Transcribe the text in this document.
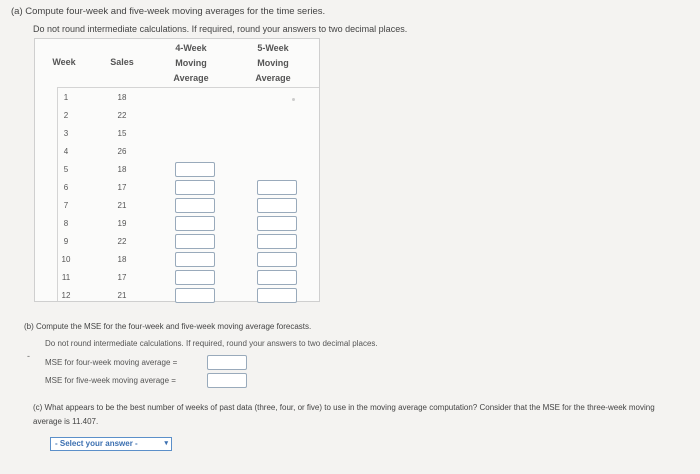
(a) Compute four-week and five-week moving averages for the time series.
Do not round intermediate calculations. If required, round your answers to two decimal places.
Week	Sales
4-Week
Moving
Average
5-Week
Moving
Average
1	18
2	22
3	15
4	26
5	18
6	17
7	21
8	19
9	22
10	18
11	17
12	21
-
(b) Compute the MSE for the four-week and five-week moving average forecasts.
Do not round intermediate calculations. If required, round your answers to two decimal places.
MSE for four-week moving average =
MSE for five-week moving average =
(c) What appears to be the best number of weeks of past data (three, four, or five) to use in the moving average computation? Consider that the MSE for the three-week moving average is 11.407.
- Select your answer -	▾
